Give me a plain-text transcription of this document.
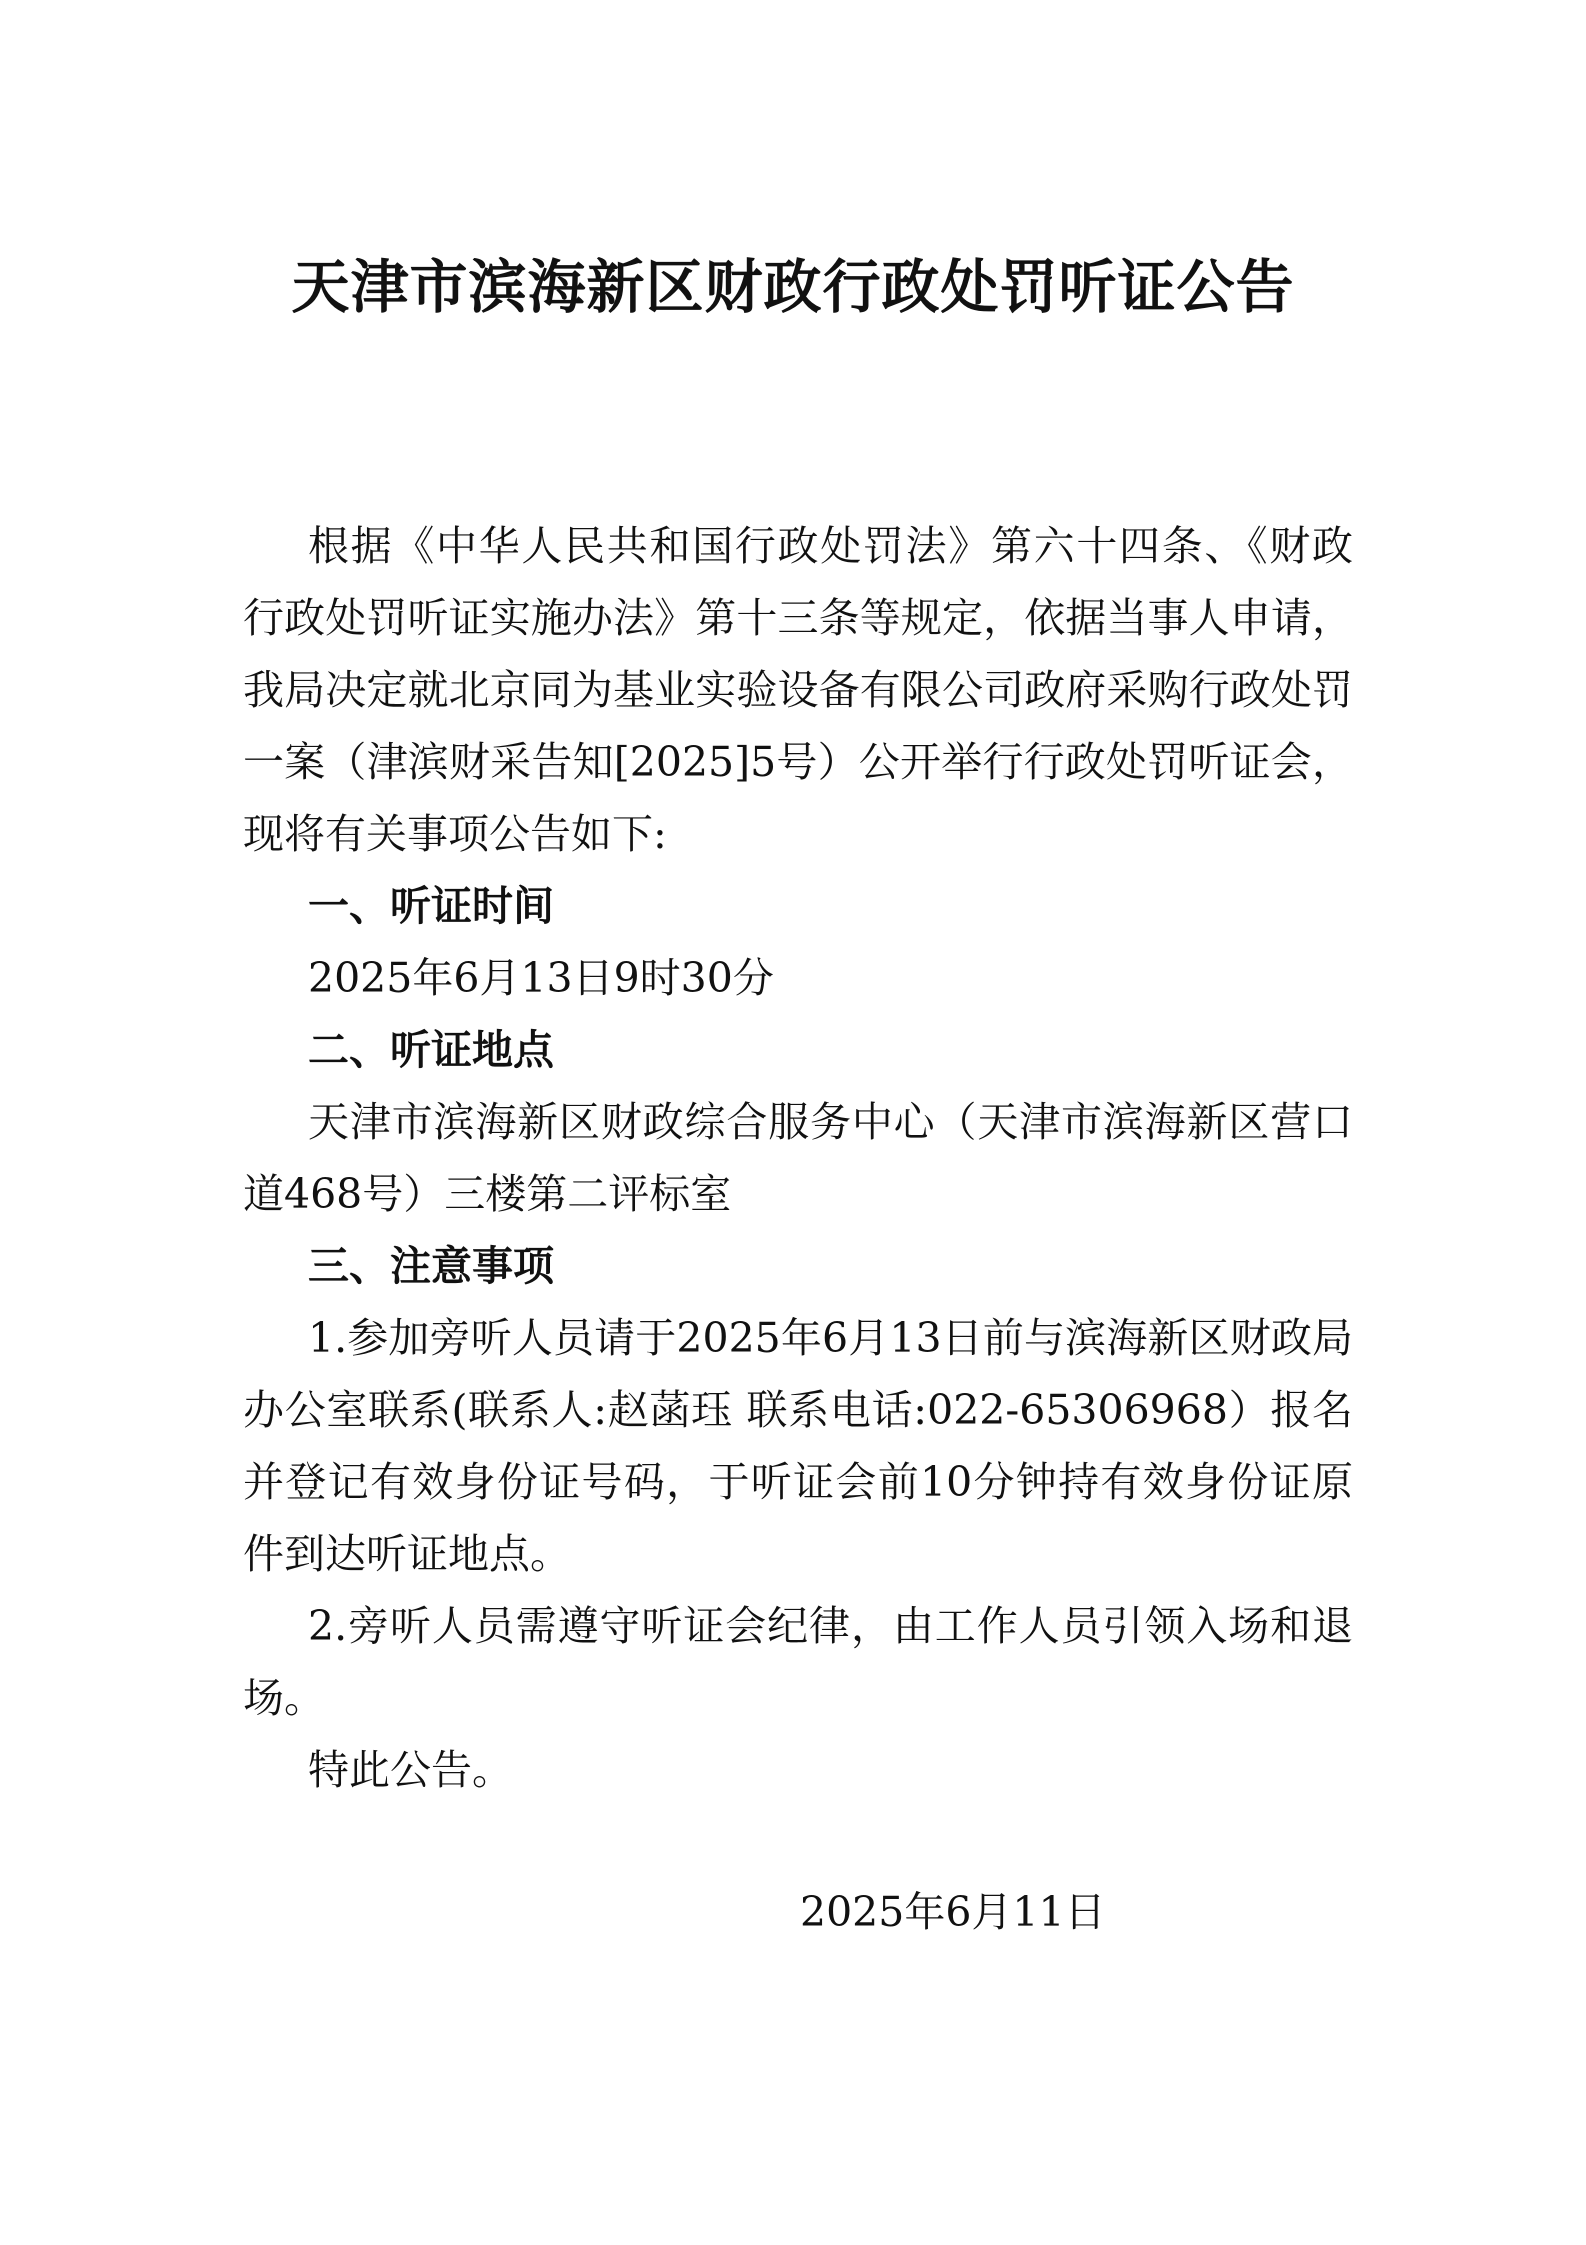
天津市滨海新区财政行政处罚听证公告

根据《中华人民共和国行政处罚法》第六十四条、《财政行政处罚听证实施办法》第十三条等规定，依据当事人申请，我局决定就北京同为基业实验设备有限公司政府采购行政处罚一案（津滨财采告知[2025]5号）公开举行行政处罚听证会，现将有关事项公告如下:

一、听证时间

2025年6月13日9时30分

二、听证地点

天津市滨海新区财政综合服务中心（天津市滨海新区营口道468号）三楼第二评标室

三、注意事项

1.参加旁听人员请于2025年6月13日前与滨海新区财政局办公室联系(联系人:赵菡珏 联系电话:022-65306968）报名并登记有效身份证号码，于听证会前10分钟持有效身份证原件到达听证地点。

2.旁听人员需遵守听证会纪律，由工作人员引领入场和退场。

特此公告。

2025年6月11日
